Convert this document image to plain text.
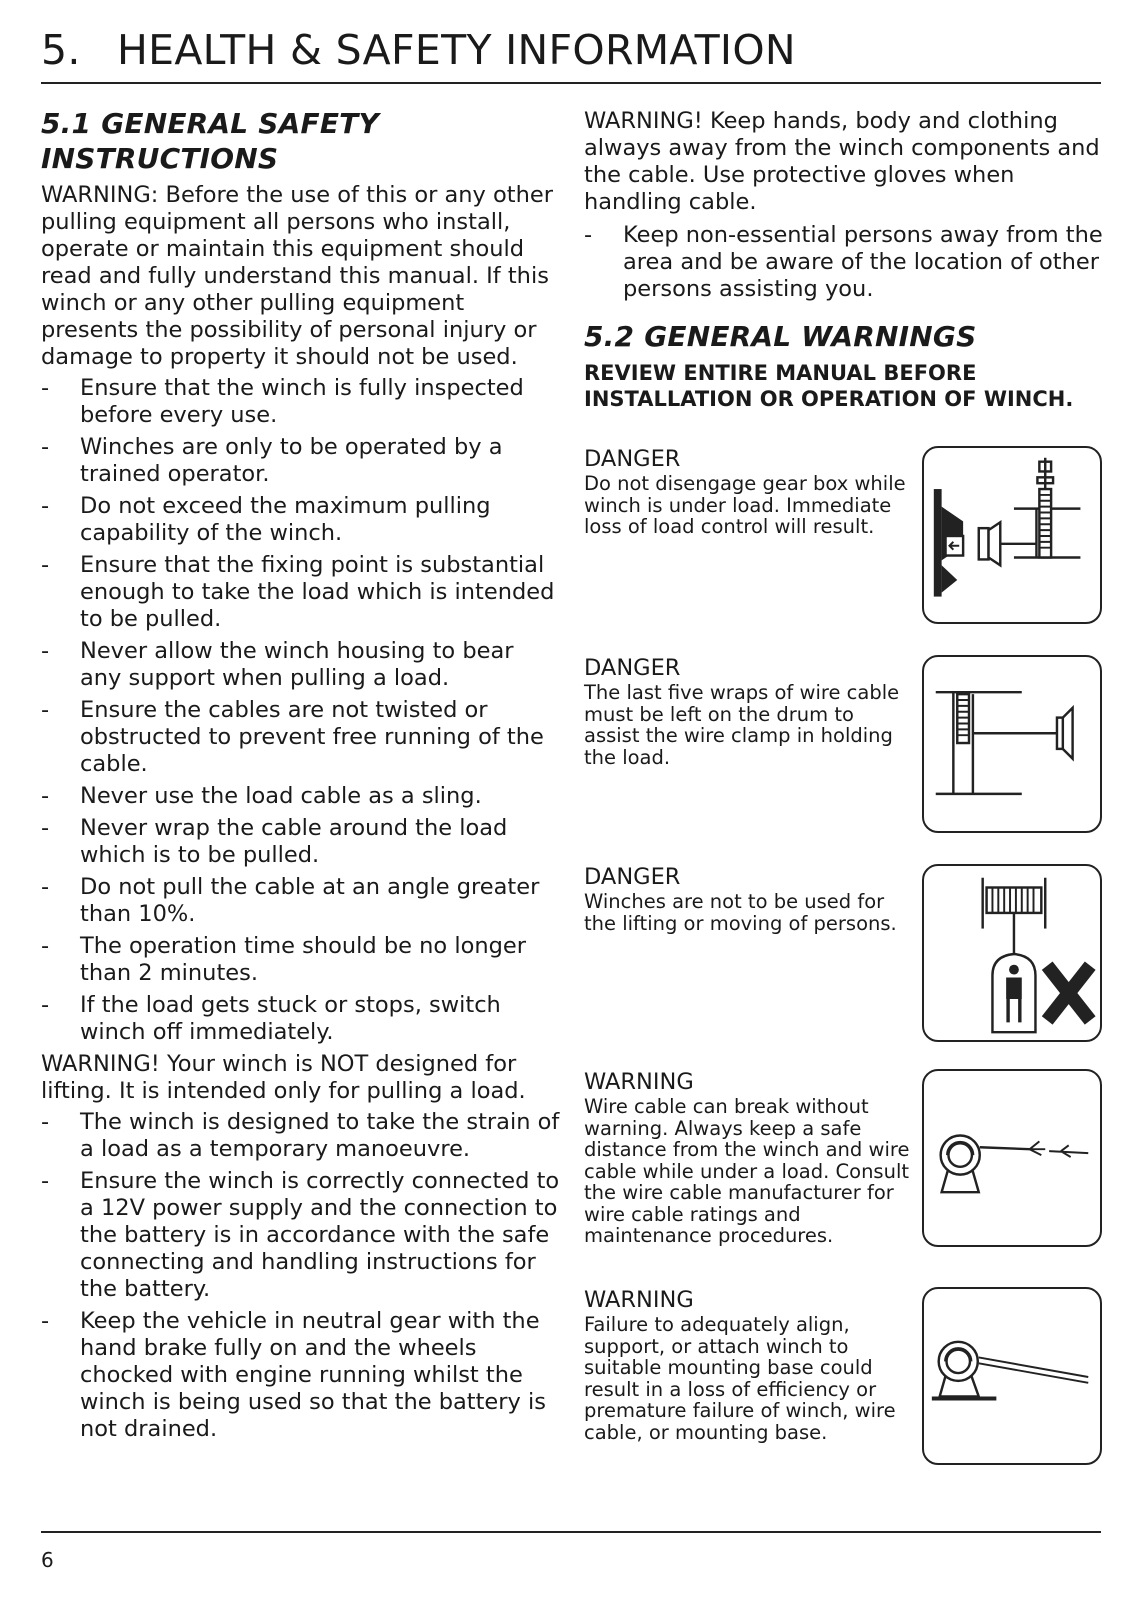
5. HEALTH & SAFETY INFORMATION
5.1 GENERAL SAFETY INSTRUCTIONS

WARNING: Before the use of this or any other pulling equipment all persons who install, operate or maintain this equipment should read and fully understand this manual. If this winch or any other pulling equipment presents the possibility of personal injury or damage to property it should not be used.

- Ensure that the winch is fully inspected before every use.
- Winches are only to be operated by a trained operator.
- Do not exceed the maximum pulling capability of the winch.
- Ensure that the fixing point is substantial enough to take the load which is intended to be pulled.
- Never allow the winch housing to bear any support when pulling a load.
- Ensure the cables are not twisted or obstructed to prevent free running of the cable.
- Never use the load cable as a sling.
- Never wrap the cable around the load which is to be pulled.
- Do not pull the cable at an angle greater than 10%.
- The operation time should be no longer than 2 minutes.
- If the load gets stuck or stops, switch winch off immediately.

WARNING! Your winch is NOT designed for lifting. It is intended only for pulling a load.

- The winch is designed to take the strain of a load as a temporary manoeuvre.
- Ensure the winch is correctly connected to a 12V power supply and the connection to the battery is in accordance with the safe connecting and handling instructions for the battery.
- Keep the vehicle in neutral gear with the hand brake fully on and the wheels chocked with engine running whilst the winch is being used so that the battery is not drained.

WARNING! Keep hands, body and clothing always away from the winch components and the cable. Use protective gloves when handling cable.

- Keep non-essential persons away from the area and be aware of the location of other persons assisting you.
5.2 GENERAL WARNINGS

REVIEW ENTIRE MANUAL BEFORE INSTALLATION OR OPERATION OF WINCH.

DANGER
Do not disengage gear box while winch is under load. Immediate loss of load control will result.
DANGER
The last five wraps of wire cable must be left on the drum to assist the wire clamp in holding the load.
DANGER
Winches are not to be used for the lifting or moving of persons.
WARNING
Wire cable can break without warning. Always keep a safe distance from the winch and wire cable while under a load. Consult the wire cable manufacturer for wire cable ratings and maintenance procedures.
WARNING
Failure to adequately align, support, or attach winch to suitable mounting base could result in a loss of efficiency or premature failure of winch, wire cable, or mounting base.
6
